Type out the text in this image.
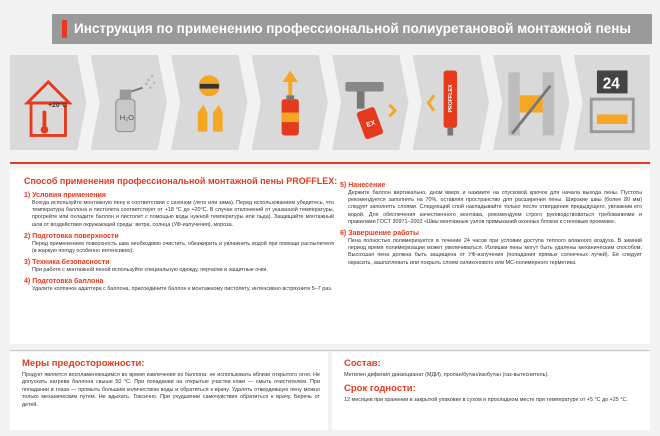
Инструкция по применению профессиональной полиуретановой монтажной пены
+20°C
H₂O
EX
PROFFLEX
24
Способ применения профессиональной монтажной пены PROFFLEX:
1) Условия применения
Всегда используйте монтажную пену в соответствии с сезоном (лето или зима). Перед использованием убедитесь, что температура баллона и пистолета соответствует от +18 °С до +20°С. В случае отклонений от указанной температуры, прогрейте или охладите баллон и пистолет с помощью воды нужной температуры или льда). Защищайте монтажный шов от воздействия окружающей среды: ветра, солнца (УФ-излучения), мороза.
2) Подготовка поверхности
Перед применением поверхность шва необходимо очистить, обезжирить и увлажнить водой при помощи распылителя (в жаркую погоду особенно интенсивно).
3) Техника безопасности
При работе с монтажной пеной используйте специальную одежду, перчатки и защитные очки.
4) Подготовка баллона
Удалите колпачок адаптера с баллона, присоедините баллон к монтажному пистолету, интенсивно встряхните 5–7 раз.
5) Нанесение
Держите баллон вертикально, дном вверх и нажмите на спусковой крючок для начала выхода пены. Пустоты рекомендуется заполнять на 70%, оставляя пространство для расширения пены. Широкие швы (более 80 мм) следует заполнять слоями. Следующий слой накладывайте только после отвердения предыдущего, увлажнив его водой. Для обеспечения качественного монтажа, рекомендуем строго руководствоваться требованиями и правилами ГОСТ 30971–2002 «Швы монтажные узлов примыканий оконных блоков к стеновым проемам».
6) Завершение работы
Пена полностью полимеризуется в течение 24 часов при условии доступа теплого влажного воздуха. В зимний период время полимеризации может увеличиваться. Излишки пены могут быть удалены механическим способом. Высохшая пена должна быть защищена от УФ-излучения (попадания прямых солнечных лучей). Её следует окрасить, зашпатлевать или покрыть слоем силиконового или МС-полимерного герметика.
Меры предосторожности:
Продукт является воспламеняющимся во время извлечения из баллона: не использовать вблизи открытого огня. Не допускать нагрева баллона свыше 50 °С. При попадании на открытые участки кожи — смыть очистителем. При попадании в глаза — промыть большим количеством воды и обратиться к врачу. Удалять отвердевшую пену можно только механическим путем. Не вдыхать. Токсично. При ухудшении самочувствия обратиться к врачу. Беречь от детей.
Состав:
Метилен дифенил диизоцианат (МДИ), пропан/бутан/изобутан (газ-вытеснитель).
Срок годности:
12 месяцев при хранении в закрытой упаковке в сухом и прохладном месте при температуре от +5 °С до +25 °С.
